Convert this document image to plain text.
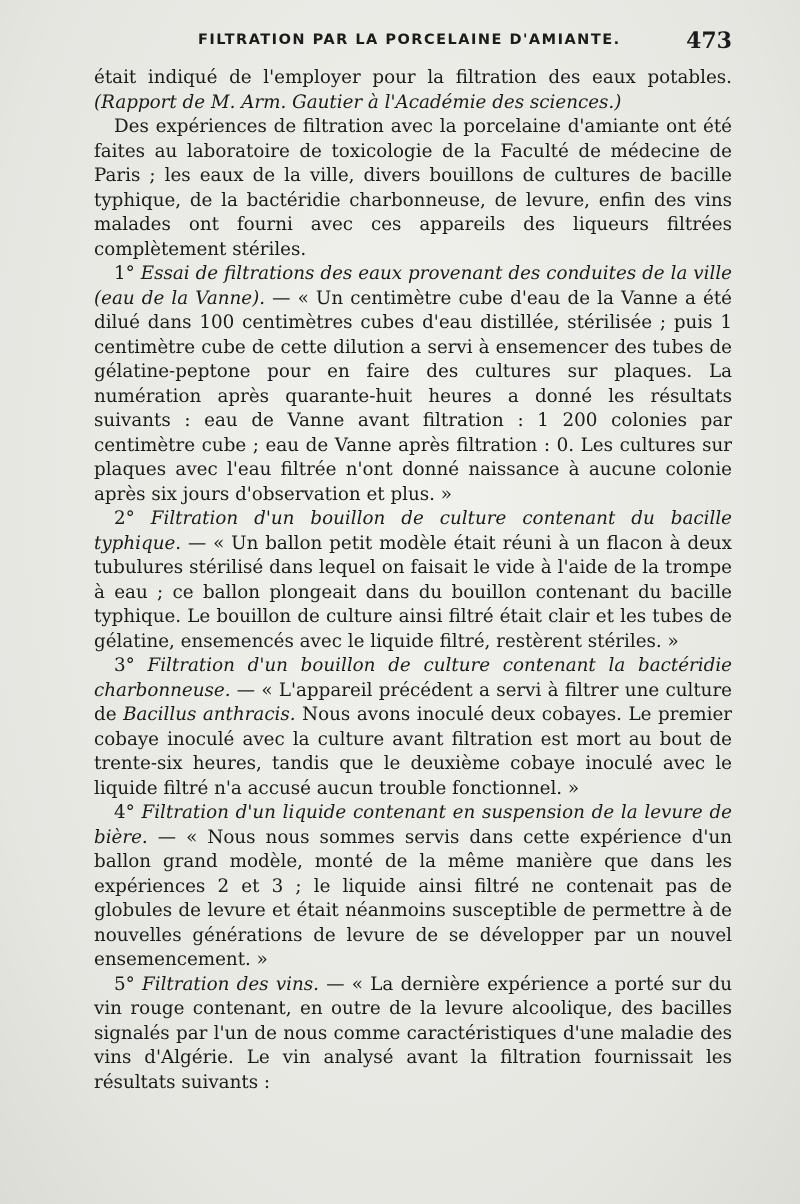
FILTRATION PAR LA PORCELAINE D'AMIANTE.	473

était indiqué de l'employer pour la filtration des eaux potables. (Rapport de M. Arm. Gautier à l'Académie des sciences.)

Des expériences de filtration avec la porcelaine d'amiante ont été faites au laboratoire de toxicologie de la Faculté de médecine de Paris ; les eaux de la ville, divers bouillons de cultures de bacille typhique, de la bactéridie charbonneuse, de levure, enfin des vins malades ont fourni avec ces appareils des liqueurs filtrées complètement stériles.

1° Essai de filtrations des eaux provenant des conduites de la ville (eau de la Vanne). — « Un centimètre cube d'eau de la Vanne a été dilué dans 100 centimètres cubes d'eau distillée, stérilisée ; puis 1 centimètre cube de cette dilution a servi à ensemencer des tubes de gélatine-peptone pour en faire des cultures sur plaques. La numération après quarante-huit heures a donné les résultats suivants : eau de Vanne avant filtration : 1 200 colonies par centimètre cube ; eau de Vanne après filtration : 0. Les cultures sur plaques avec l'eau filtrée n'ont donné naissance à aucune colonie après six jours d'observation et plus. »

2° Filtration d'un bouillon de culture contenant du bacille typhique. — « Un ballon petit modèle était réuni à un flacon à deux tubulures stérilisé dans lequel on faisait le vide à l'aide de la trompe à eau ; ce ballon plongeait dans du bouillon contenant du bacille typhique. Le bouillon de culture ainsi filtré était clair et les tubes de gélatine, ensemencés avec le liquide filtré, restèrent stériles. »

3° Filtration d'un bouillon de culture contenant la bactéridie charbonneuse. — « L'appareil précédent a servi à filtrer une culture de Bacillus anthracis. Nous avons inoculé deux cobayes. Le premier cobaye inoculé avec la culture avant filtration est mort au bout de trente-six heures, tandis que le deuxième cobaye inoculé avec le liquide filtré n'a accusé aucun trouble fonctionnel. »

4° Filtration d'un liquide contenant en suspension de la levure de bière. — « Nous nous sommes servis dans cette expérience d'un ballon grand modèle, monté de la même manière que dans les expériences 2 et 3 ; le liquide ainsi filtré ne contenait pas de globules de levure et était néanmoins susceptible de permettre à de nouvelles générations de levure de se développer par un nouvel ensemencement. »

5° Filtration des vins. — « La dernière expérience a porté sur du vin rouge contenant, en outre de la levure alcoolique, des bacilles signalés par l'un de nous comme caractéristiques d'une maladie des vins d'Algérie. Le vin analysé avant la filtration fournissait les résultats suivants :
